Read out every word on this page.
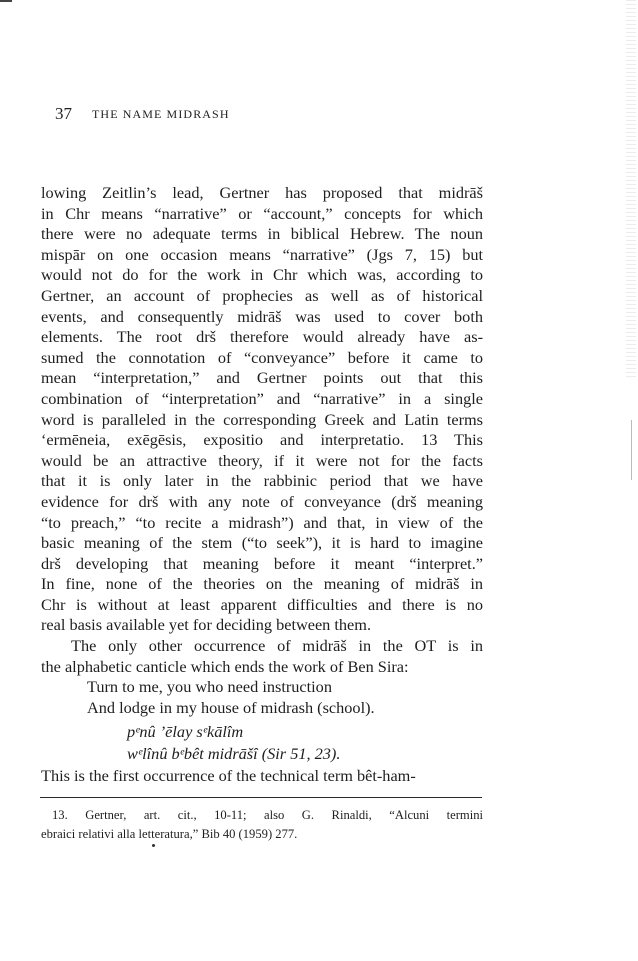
37 THE NAME MIDRASH
lowing Zeitlin’s lead, Gertner has proposed that midrāš
in Chr means “narrative” or “account,” concepts for which
there were no adequate terms in biblical Hebrew. The noun
mispār on one occasion means “narrative” (Jgs 7, 15) but
would not do for the work in Chr which was, according to
Gertner, an account of prophecies as well as of historical
events, and consequently midrāš was used to cover both
elements. The root drš therefore would already have as-
sumed the connotation of “conveyance” before it came to
mean “interpretation,” and Gertner points out that this
combination of “interpretation” and “narrative” in a single
word is paralleled in the corresponding Greek and Latin terms
‘ermēneia, exēgēsis, expositio and interpretatio. 13 This
would be an attractive theory, if it were not for the facts
that it is only later in the rabbinic period that we have
evidence for drš with any note of conveyance (drš meaning
“to preach,” “to recite a midrash”) and that, in view of the
basic meaning of the stem (“to seek”), it is hard to imagine
drš developing that meaning before it meant “interpret.”
In fine, none of the theories on the meaning of midrāš in
Chr is without at least apparent difficulties and there is no
real basis available yet for deciding between them.
The only other occurrence of midrāš in the OT is in
the alphabetic canticle which ends the work of Ben Sira:
Turn to me, you who need instruction
And lodge in my house of midrash (school).
pᵉnû ’ēlay sᵉkālîm
wᵉlînû bᵉbêt midrāšî (Sir 51, 23).
This is the first occurrence of the technical term bêt-ham-
13. Gertner, art. cit., 10-11; also G. Rinaldi, “Alcuni termini
ebraici relativi alla letteratura,” Bib 40 (1959) 277.
